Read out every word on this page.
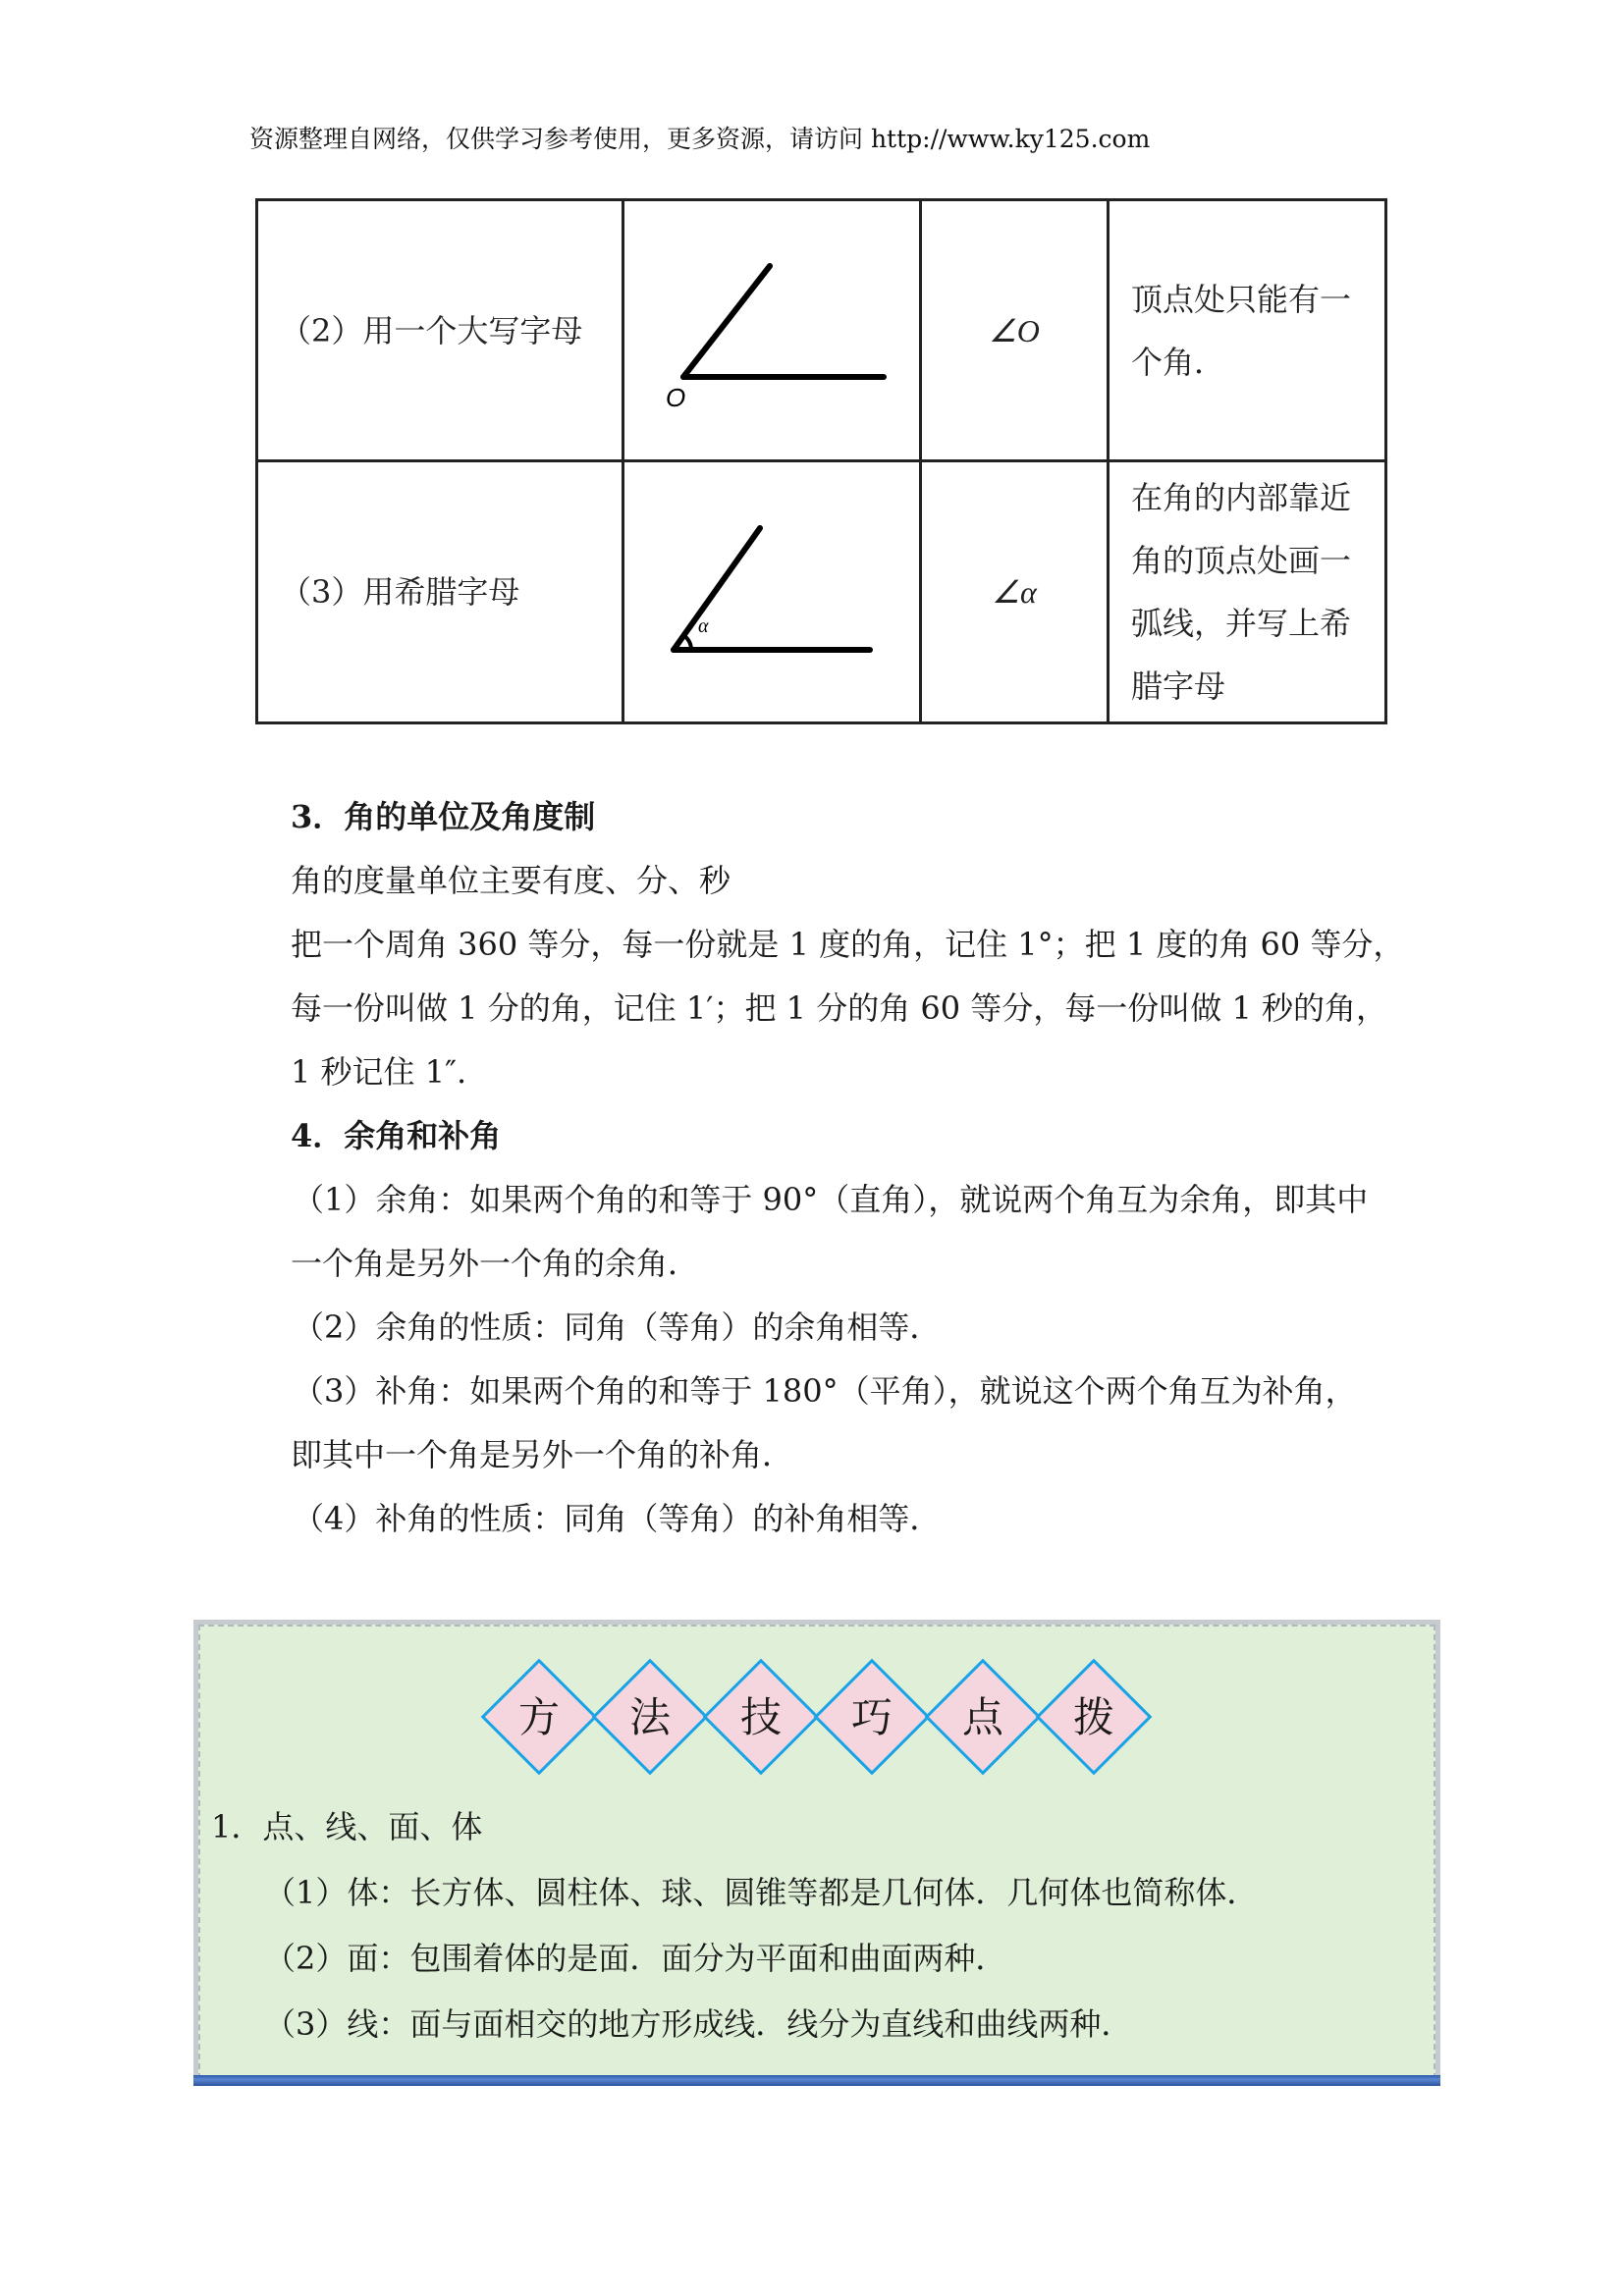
资源整理自网络，仅供学习参考使用，更多资源，请访问 http://www.ky125.com
（2）用一个大写字母	O	∠O	顶点处只能有一个角．
（3）用希腊字母	α	∠α	在角的内部靠近角的顶点处画一弧线，并写上希腊字母

3．角的单位及角度制

角的度量单位主要有度、分、秒

把一个周角 360 等分，每一份就是 1 度的角，记住 1°；把 1 度的角 60 等分，

每一份叫做 1 分的角，记住 1′；把 1 分的角 60 等分，每一份叫做 1 秒的角，

1 秒记住 1″.

4．余角和补角

（1）余角：如果两个角的和等于 90°（直角），就说两个角互为余角，即其中

一个角是另外一个角的余角．

（2）余角的性质：同角（等角）的余角相等．

（3）补角：如果两个角的和等于 180°（平角），就说这个两个角互为补角，

即其中一个角是另外一个角的补角．

（4）补角的性质：同角（等角）的补角相等．

方	法	技	巧	点	拨

1．点、线、面、体

（1）体：长方体、圆柱体、球、圆锥等都是几何体．几何体也简称体．

（2）面：包围着体的是面．面分为平面和曲面两种．

（3）线：面与面相交的地方形成线．线分为直线和曲线两种．
